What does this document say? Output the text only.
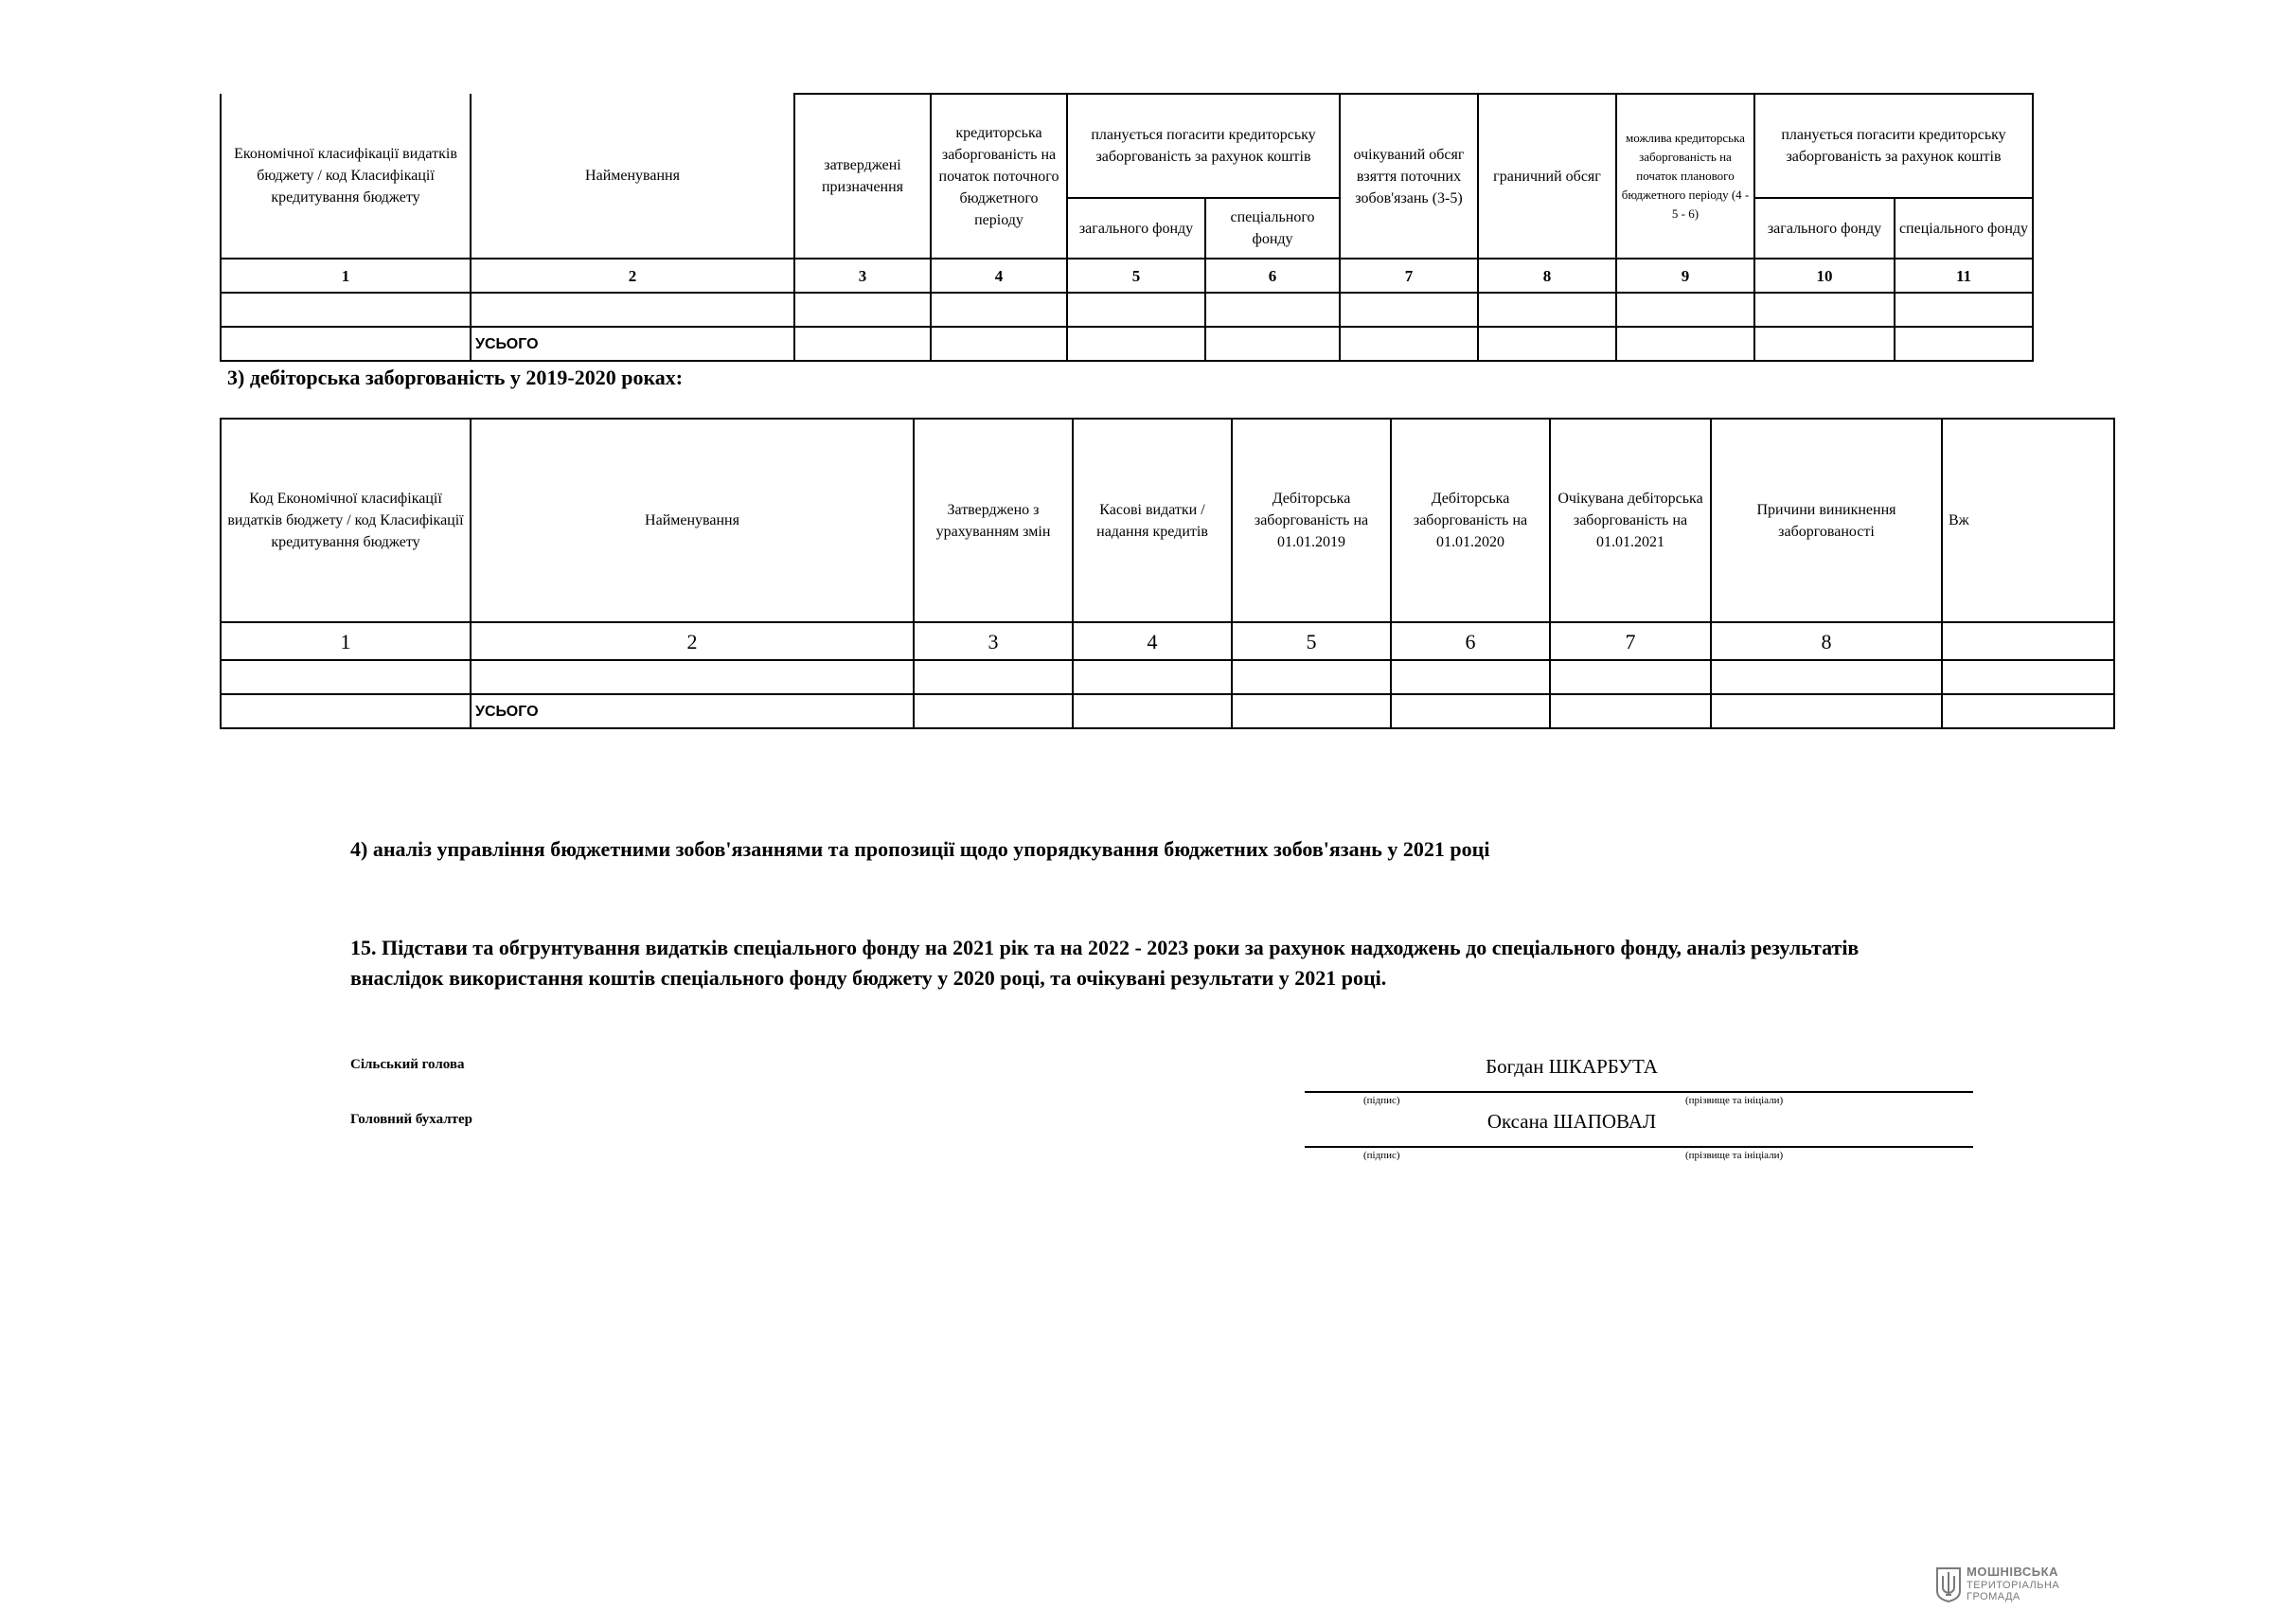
Економічної класифікації видатків бюджету / код Класифікації кредитування бюджету	Найменування	затверджені призначення	кредиторська заборгованість на початок поточного бюджетного періоду	планується погасити кредиторську заборгованість за рахунок коштів		очікуваний обсяг взяття поточних зобов'язань (3-5)	граничний обсяг	можлива кредиторська заборгованість на початок планового бюджетного періоду (4 - 5 - 6)	планується погасити кредиторську заборгованість за рахунок коштів		
				загального фонду	спеціального фонду				загального фонду	спеціального фонду	
1	2	3	4	5	6	7	8	9	10	11	

	УСЬОГО										
3) дебіторська заборгованість у 2019-2020 роках:
Код Економічної класифікації видатків бюджету / код Класифікації кредитування бюджету	Найменування	Затверджено з урахуванням змін	Касові видатки / надання кредитів	Дебіторська заборгованість на 01.01.2019	Дебіторська заборгованість на 01.01.2020	Очікувана дебіторська заборгованість на 01.01.2021	Причини виникнення заборгованості	Вж
1	2	3	4	5	6	7	8	

	УСЬОГО							
4) аналіз управління бюджетними зобов'язаннями та пропозиції щодо упорядкування бюджетних зобов'язань у 2021 році
15. Підстави та обгрунтування видатків спеціального фонду на 2021 рік та на 2022 - 2023 роки за рахунок надходжень до спеціального фонду, аналіз результатів
внаслідок використання коштів спеціального фонду бюджету у 2020 році, та очікувані результати у 2021 році.
Сільський голова	Богдан ШКАРБУТА
(підпис)	(прізвище та ініціали)
Головний бухалтер	Оксана ШАПОВАЛ
(підпис)	(прізвище та ініціали)
МОШНІВСЬКА
ТЕРИТОРІАЛЬНА
ГРОМАДА
